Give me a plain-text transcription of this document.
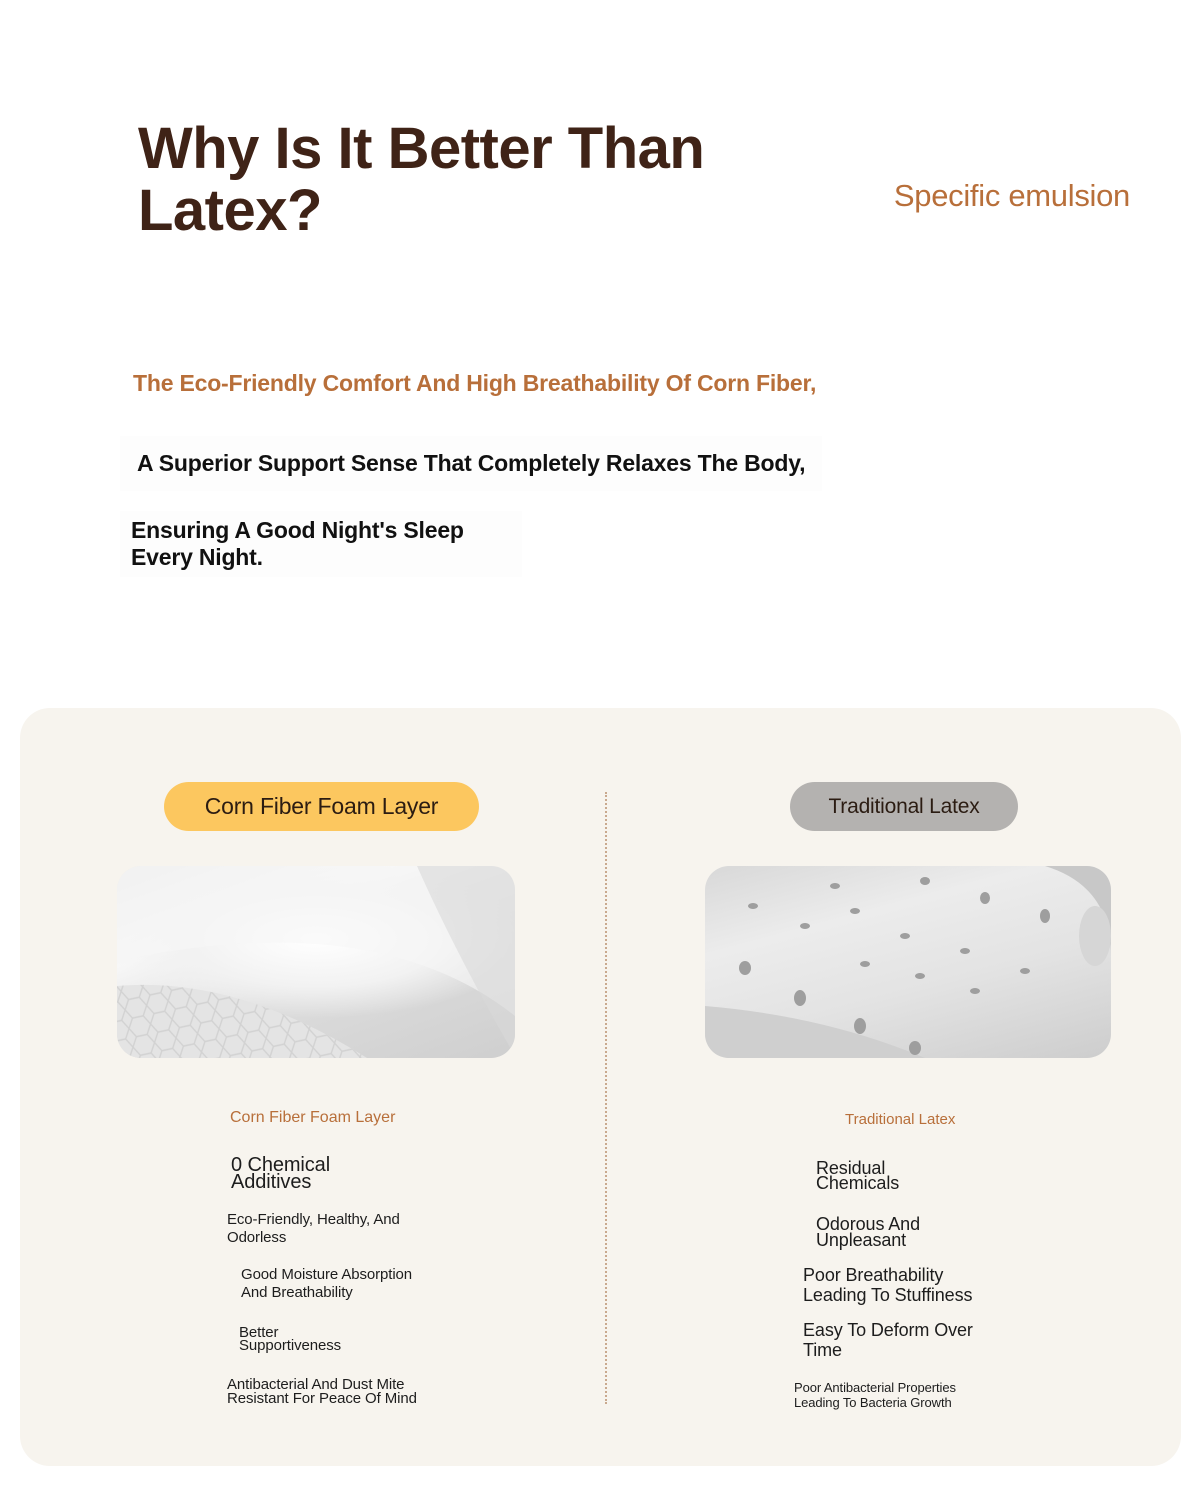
Why Is It Better Than Latex?	Specific emulsion
The Eco-Friendly Comfort And High Breathability Of Corn Fiber,
A Superior Support Sense That Completely Relaxes The Body,
Ensuring A Good Night's Sleep Every Night.
Corn Fiber Foam Layer
Corn Fiber Foam Layer
0 Chemical Additives
Eco-Friendly, Healthy, And Odorless
Good Moisture Absorption And Breathability
Better Supportiveness
Antibacterial And Dust Mite Resistant For Peace Of Mind
Traditional Latex
Traditional Latex
Residual Chemicals
Odorous And Unpleasant
Poor Breathability Leading To Stuffiness
Easy To Deform Over Time
Poor Antibacterial Properties Leading To Bacteria Growth
